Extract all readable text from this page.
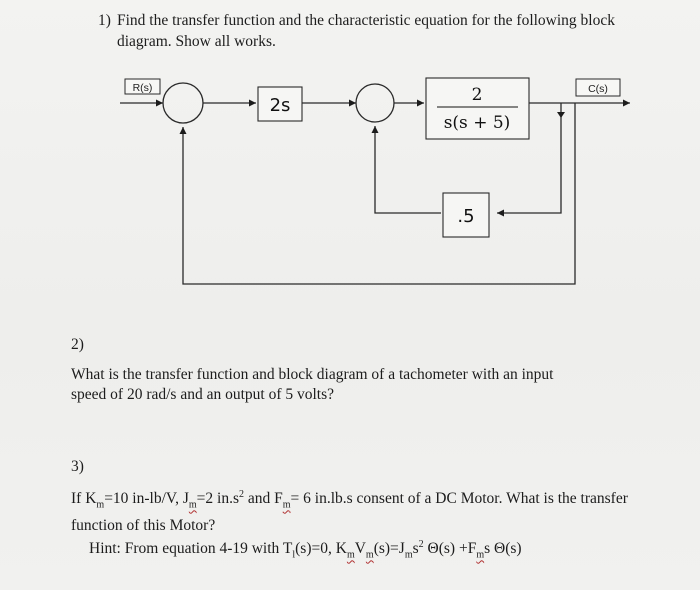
1) Find the transfer function and the characteristic equation for the following block diagram. Show all works.
R(s)	C(s)
2s	2
s(s + 5)
.5
2)
What is the transfer function and block diagram of a tachometer with an input speed of 20 rad/s and an output of 5 volts?
3)
If $K_m=10$ in-lb/V, $J_m=2$ $in.s^2$ and $F_m= 6$ in.lb.s consent of a DC Motor. What is the transfer function of this Motor?
Hint: From equation 4-19 with $T_l(s)=0$, $K_mV_m(s)=J_ms^2$ $\Theta(s) +F_ms$ Θ(s)
